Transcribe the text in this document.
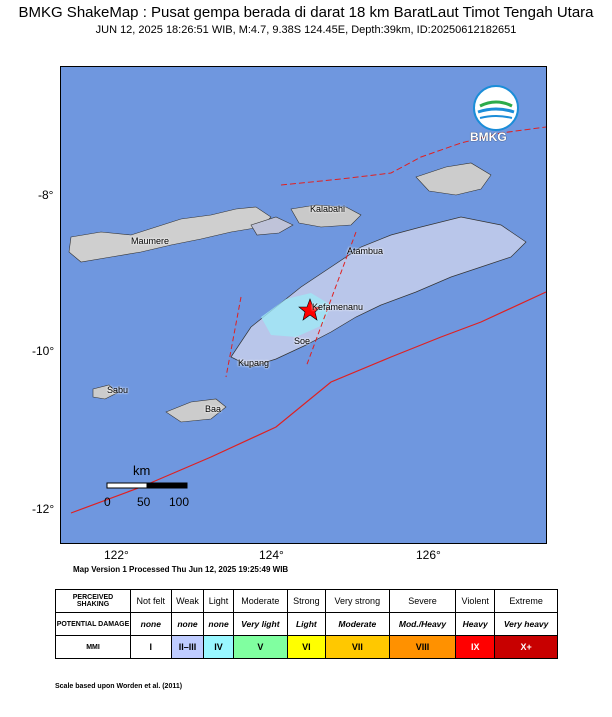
BMKG ShakeMap : Pusat gempa berada di darat 18 km BaratLaut Timot Tengah Utara
JUN 12, 2025 18:26:51 WIB, M:4.7, 9.38S 124.45E, Depth:39km, ID:20250612182651
Kalabahi
Maumere
Atambua
Kefamenanu
Soe
Kupang
Baa
Sabu
BMKG
-8°
-10°
-12°
122°	124°	126°
km
0 50 100
Map Version 1 Processed Thu Jun 12, 2025 19:25:49 WIB
PERCEIVED SHAKING	Not felt	Weak	Light	Moderate	Strong	Very strong	Severe	Violent	Extreme
POTENTIAL DAMAGE	none	none	none	Very light	Light	Moderate	Mod./Heavy	Heavy	Very heavy
MMI	I	II–III	IV	V	VI	VII	VIII	IX	X+
Scale based upon Worden et al. (2011)
